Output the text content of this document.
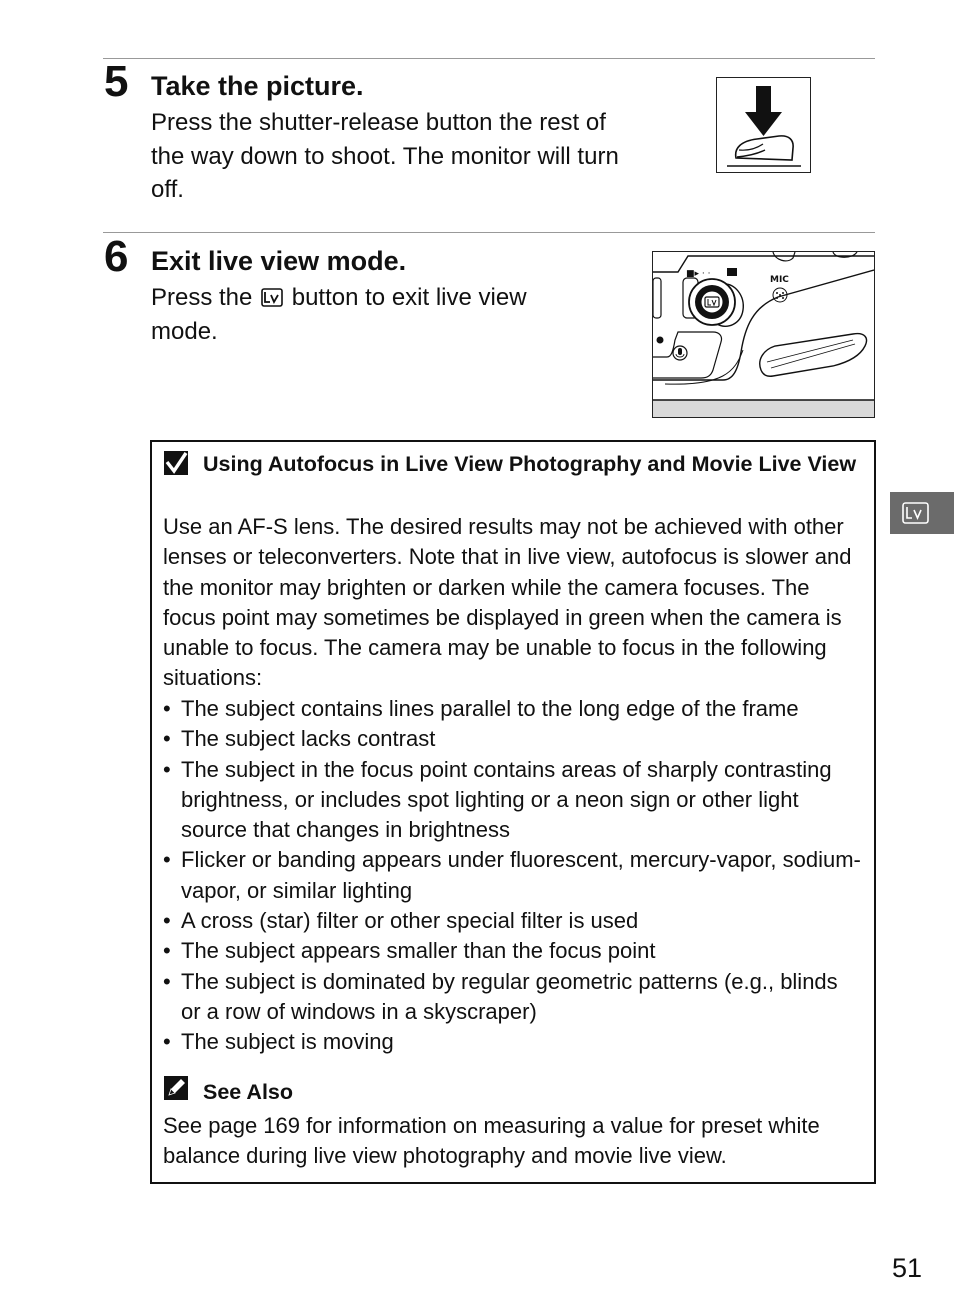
5 Take the picture.
Press the shutter-release button the rest of the way down to shoot. The monitor will turn off.
6 Exit live view mode.
Press the button to exit live view mode.
■▸ · ·
MIC
Using Autofocus in Live View Photography and Movie Live View
Use an AF-S lens. The desired results may not be achieved with other lenses or teleconverters. Note that in live view, autofocus is slower and the monitor may brighten or darken while the camera focuses. The focus point may sometimes be displayed in green when the camera is unable to focus. The camera may be unable to focus in the following situations:
• The subject contains lines parallel to the long edge of the frame
• The subject lacks contrast
• The subject in the focus point contains areas of sharply contrasting brightness, or includes spot lighting or a neon sign or other light source that changes in brightness
• Flicker or banding appears under fluorescent, mercury-vapor, sodium-vapor, or similar lighting
• A cross (star) filter or other special filter is used
• The subject appears smaller than the focus point
• The subject is dominated by regular geometric patterns (e.g., blinds or a row of windows in a skyscraper)
• The subject is moving
See Also
See page 169 for information on measuring a value for preset white balance during live view photography and movie live view.
51
